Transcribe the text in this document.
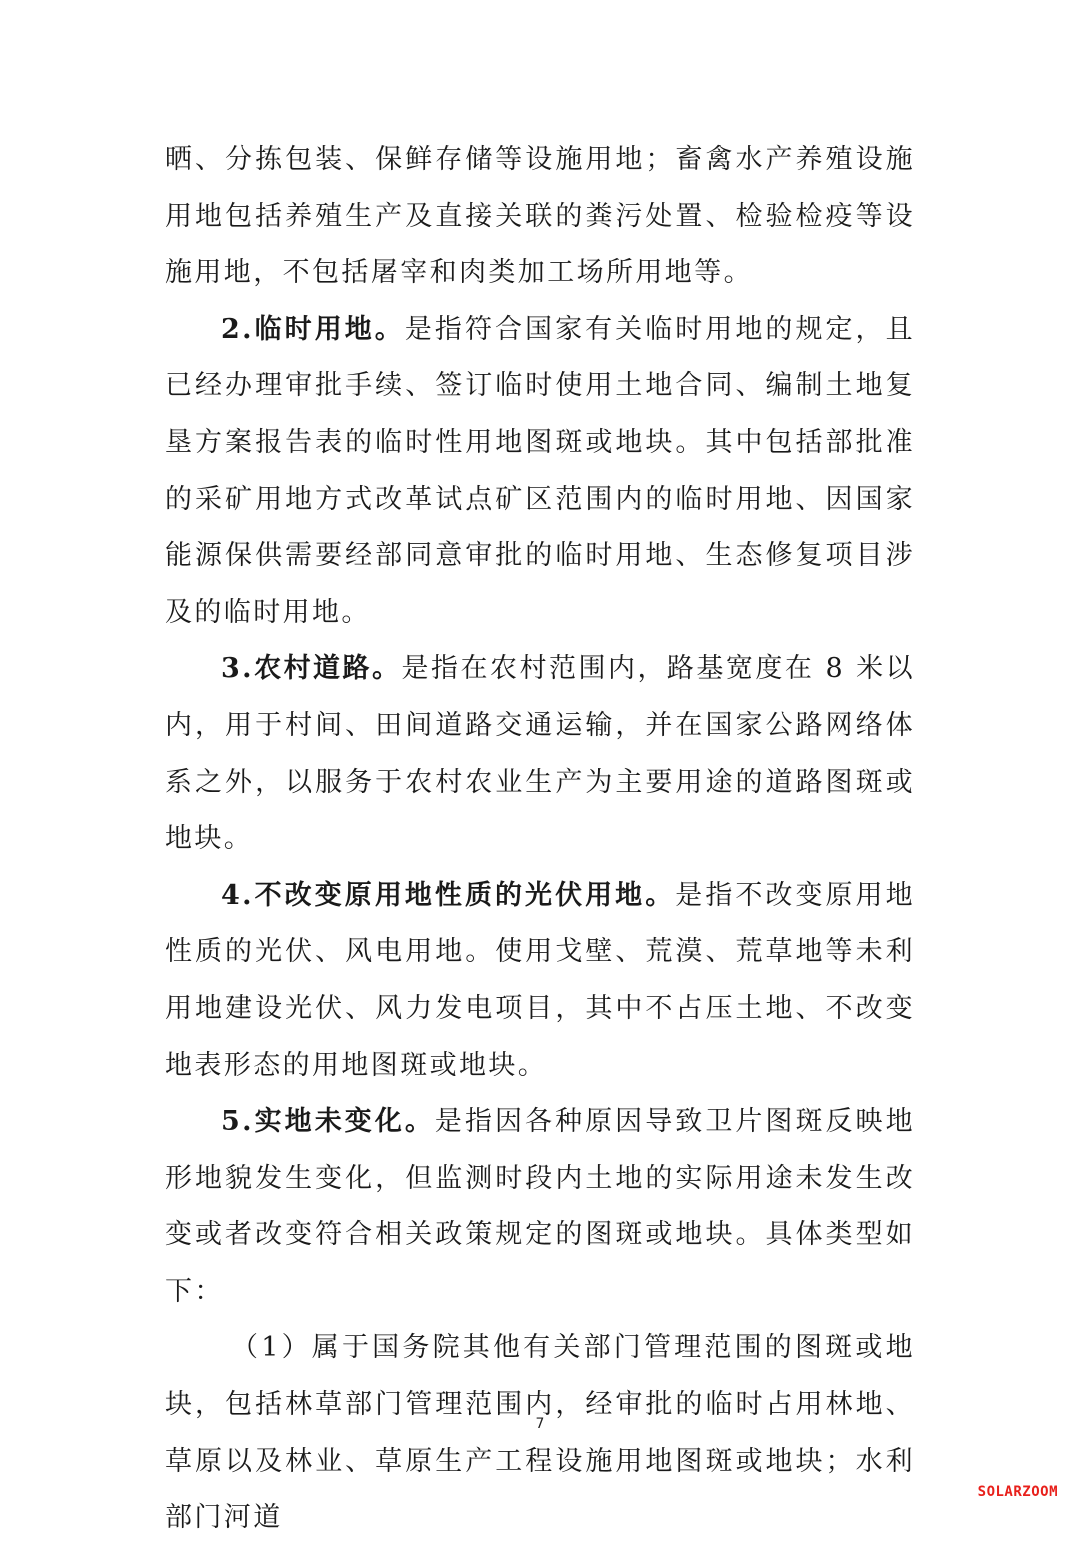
晒、分拣包装、保鲜存储等设施用地；畜禽水产养殖设施用地包括养殖生产及直接关联的粪污处置、检验检疫等设施用地，不包括屠宰和肉类加工场所用地等。

2.临时用地。是指符合国家有关临时用地的规定，且已经办理审批手续、签订临时使用土地合同、编制土地复垦方案报告表的临时性用地图斑或地块。其中包括部批准的采矿用地方式改革试点矿区范围内的临时用地、因国家能源保供需要经部同意审批的临时用地、生态修复项目涉及的临时用地。

3.农村道路。是指在农村范围内，路基宽度在 8 米以内，用于村间、田间道路交通运输，并在国家公路网络体系之外，以服务于农村农业生产为主要用途的道路图斑或地块。

4.不改变原用地性质的光伏用地。是指不改变原用地性质的光伏、风电用地。使用戈壁、荒漠、荒草地等未利用地建设光伏、风力发电项目，其中不占压土地、不改变地表形态的用地图斑或地块。

5.实地未变化。是指因各种原因导致卫片图斑反映地形地貌发生变化，但监测时段内土地的实际用途未发生改变或者改变符合相关政策规定的图斑或地块。具体类型如下：

（1）属于国务院其他有关部门管理范围的图斑或地块，包括林草部门管理范围内，经审批的临时占用林地、草原以及林业、草原生产工程设施用地图斑或地块；水利部门河道

7
SOLARZOOM
